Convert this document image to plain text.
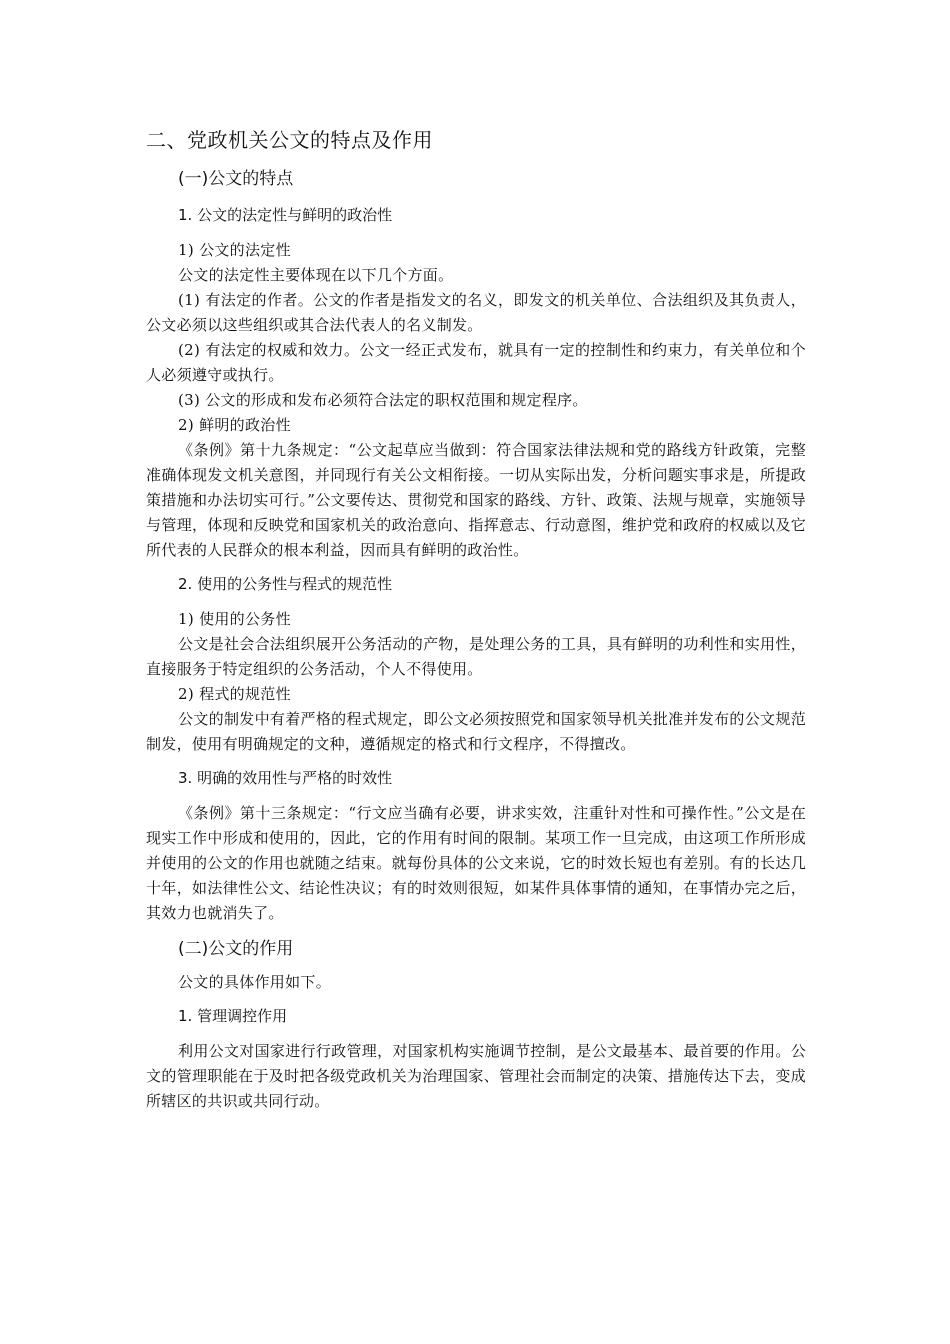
二、党政机关公文的特点及作用
(一)公文的特点
1. 公文的法定性与鲜明的政治性

1) 公文的法定性

公文的法定性主要体现在以下几个方面。

(1) 有法定的作者。公文的作者是指发文的名义，即发文的机关单位、合法组织及其负责人，公文必须以这些组织或其合法代表人的名义制发。

(2) 有法定的权威和效力。公文一经正式发布，就具有一定的控制性和约束力，有关单位和个人必须遵守或执行。

(3) 公文的形成和发布必须符合法定的职权范围和规定程序。

2) 鲜明的政治性

《条例》第十九条规定：“公文起草应当做到：符合国家法律法规和党的路线方针政策，完整准确体现发文机关意图，并同现行有关公文相衔接。一切从实际出发，分析问题实事求是，所提政策措施和办法切实可行。”公文要传达、贯彻党和国家的路线、方针、政策、法规与规章，实施领导与管理，体现和反映党和国家机关的政治意向、指挥意志、行动意图，维护党和政府的权威以及它所代表的人民群众的根本利益，因而具有鲜明的政治性。

2. 使用的公务性与程式的规范性

1) 使用的公务性

公文是社会合法组织展开公务活动的产物，是处理公务的工具，具有鲜明的功利性和实用性，直接服务于特定组织的公务活动，个人不得使用。

2) 程式的规范性

公文的制发中有着严格的程式规定，即公文必须按照党和国家领导机关批准并发布的公文规范制发，使用有明确规定的文种，遵循规定的格式和行文程序，不得擅改。

3. 明确的效用性与严格的时效性

《条例》第十三条规定：“行文应当确有必要，讲求实效，注重针对性和可操作性。”公文是在现实工作中形成和使用的，因此，它的作用有时间的限制。某项工作一旦完成，由这项工作所形成并使用的公文的作用也就随之结束。就每份具体的公文来说，它的时效长短也有差别。有的长达几十年，如法律性公文、结论性决议；有的时效则很短，如某件具体事情的通知，在事情办完之后，其效力也就消失了。

(二)公文的作用

公文的具体作用如下。

1. 管理调控作用

利用公文对国家进行行政管理，对国家机构实施调节控制，是公文最基本、最首要的作用。公文的管理职能在于及时把各级党政机关为治理国家、管理社会而制定的决策、措施传达下去，变成所辖区的共识或共同行动。
